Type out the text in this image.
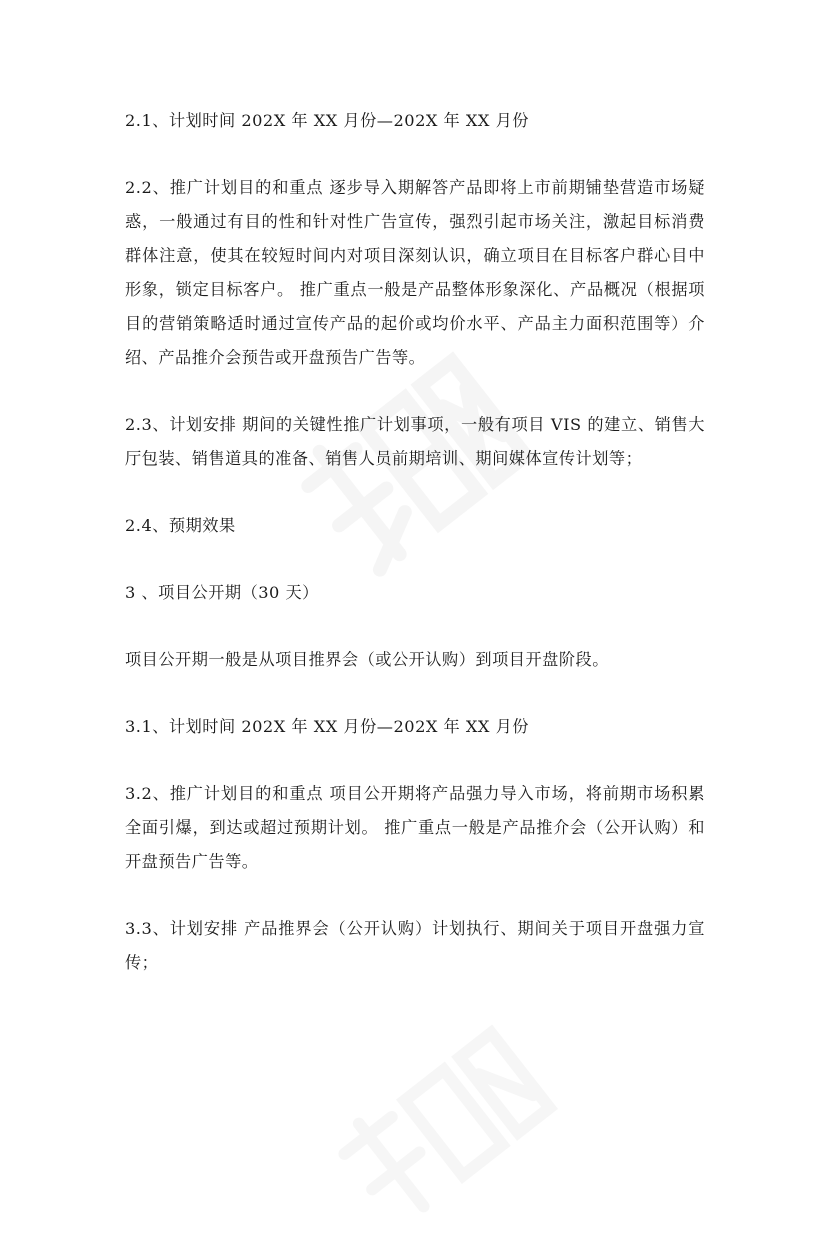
2.1、计划时间 202X 年 XX 月份—202X 年 XX 月份

2.2、推广计划目的和重点 逐步导入期解答产品即将上市前期铺垫营造市场疑惑，一般通过有目的性和针对性广告宣传，强烈引起市场关注，激起目标消费群体注意，使其在较短时间内对项目深刻认识，确立项目在目标客户群心目中形象，锁定目标客户。 推广重点一般是产品整体形象深化、产品概况（根据项目的营销策略适时通过宣传产品的起价或均价水平、产品主力面积范围等）介绍、产品推介会预告或开盘预告广告等。

2.3、计划安排 期间的关键性推广计划事项，一般有项目 VIS 的建立、销售大厅包装、销售道具的准备、销售人员前期培训、期间媒体宣传计划等；

2.4、预期效果

3 、项目公开期（30 天）

项目公开期一般是从项目推界会（或公开认购）到项目开盘阶段。

3.1、计划时间 202X 年 XX 月份—202X 年 XX 月份

3.2、推广计划目的和重点 项目公开期将产品强力导入市场，将前期市场积累全面引爆，到达或超过预期计划。 推广重点一般是产品推介会（公开认购）和开盘预告广告等。

3.3、计划安排 产品推界会（公开认购）计划执行、期间关于项目开盘强力宣传；
